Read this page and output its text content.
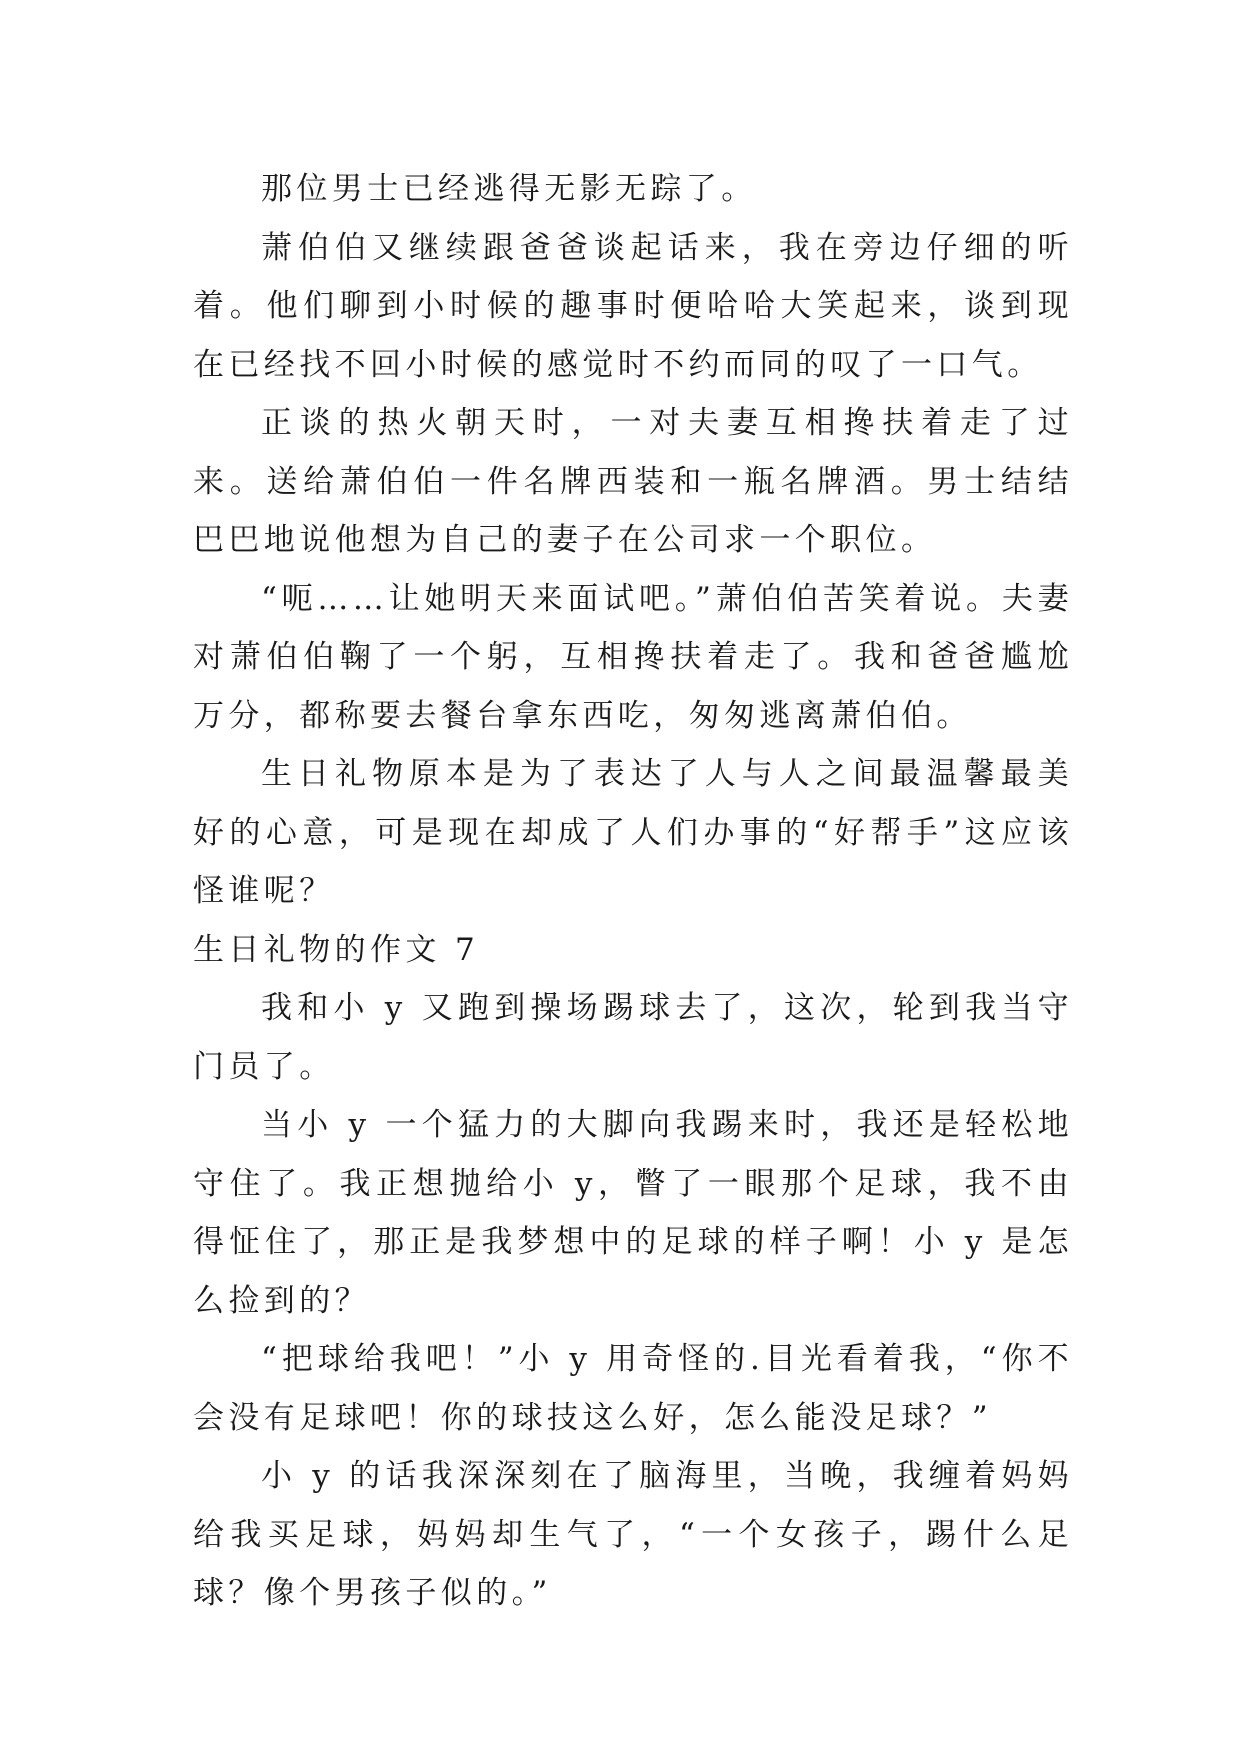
那位男士已经逃得无影无踪了。

萧伯伯又继续跟爸爸谈起话来，我在旁边仔细的听着。他们聊到小时候的趣事时便哈哈大笑起来，谈到现在已经找不回小时候的感觉时不约而同的叹了一口气。

正谈的热火朝天时，一对夫妻互相搀扶着走了过来。送给萧伯伯一件名牌西装和一瓶名牌酒。男士结结巴巴地说他想为自己的妻子在公司求一个职位。

“呃……让她明天来面试吧。”萧伯伯苦笑着说。夫妻对萧伯伯鞠了一个躬，互相搀扶着走了。我和爸爸尴尬万分，都称要去餐台拿东西吃，匆匆逃离萧伯伯。

生日礼物原本是为了表达了人与人之间最温馨最美好的心意，可是现在却成了人们办事的“好帮手”这应该怪谁呢？

生日礼物的作文 7

我和小 y 又跑到操场踢球去了，这次，轮到我当守门员了。

当小 y 一个猛力的大脚向我踢来时，我还是轻松地守住了。我正想抛给小 y，瞥了一眼那个足球，我不由得怔住了，那正是我梦想中的足球的样子啊！小 y 是怎么捡到的？

“把球给我吧！”小 y 用奇怪的.目光看着我，“你不会没有足球吧！你的球技这么好，怎么能没足球？”

小 y 的话我深深刻在了脑海里，当晚，我缠着妈妈给我买足球，妈妈却生气了，“一个女孩子，踢什么足球？像个男孩子似的。”
